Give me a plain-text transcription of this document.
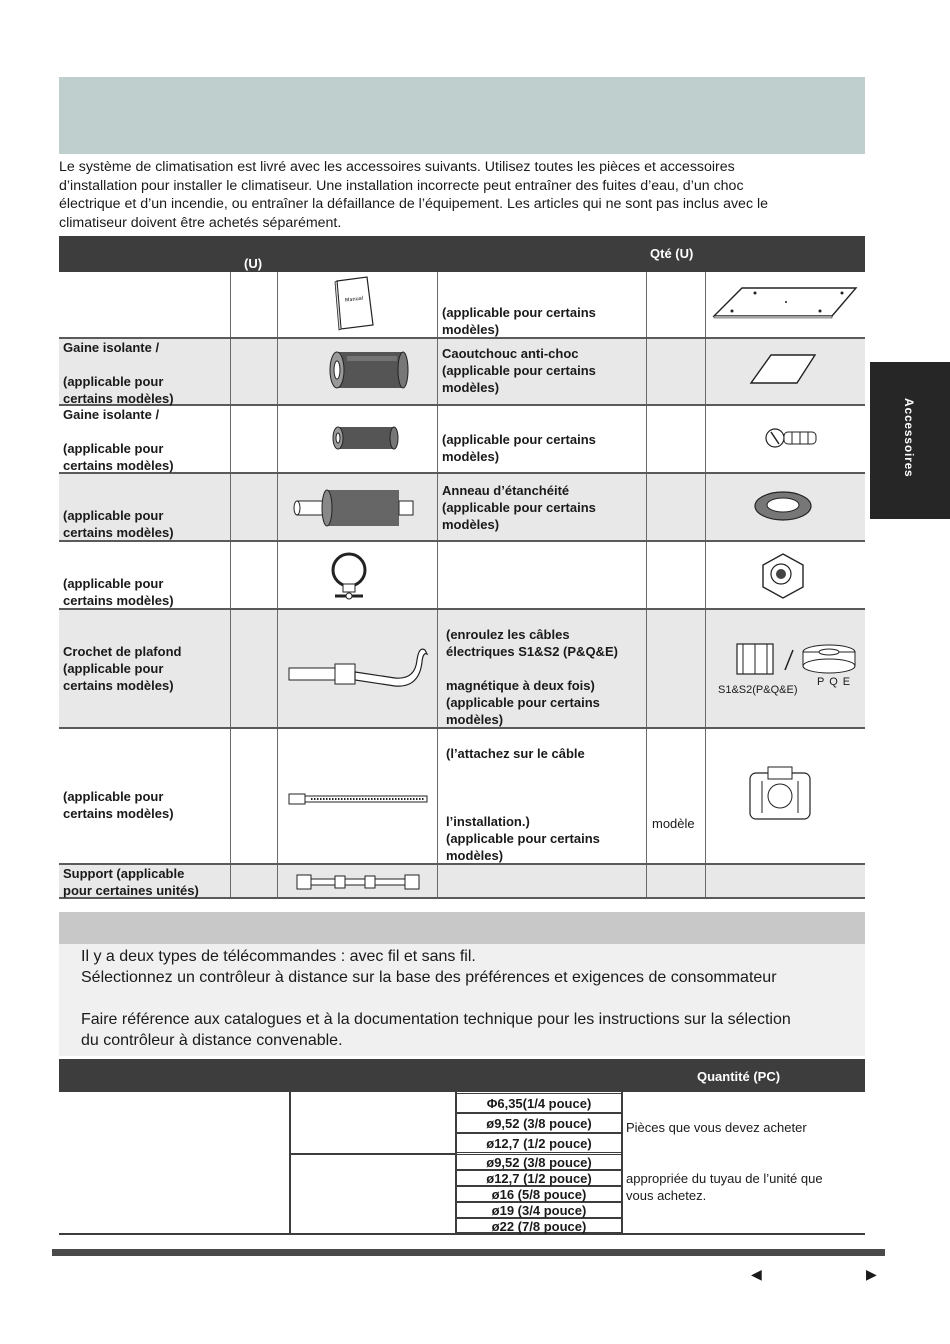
Le système de climatisation est livré avec les accessoires suivants. Utilisez toutes les pièces et accessoires

d’installation pour installer le climatiseur. Une installation incorrecte peut entraîner des fuites d’eau, d’un choc

électrique et d’un incendie, ou entraîner la défaillance de l’équipement. Les articles qui ne sont pas inclus avec le

climatiseur doivent être achetés séparément.

Accessoires
(U)
Qté (U)
Manual

(applicable pour certains

modèles)

Gaine isolante /

(applicable pour

certains modèles)

Caoutchouc anti-choc

(applicable pour certains

modèles)

Gaine isolante /

(applicable pour

certains modèles)

(applicable pour certains

modèles)

(applicable pour

certains modèles)

Anneau d’étanchéité

(applicable pour certains

modèles)

(applicable pour

certains modèles)

Crochet de plafond

(applicable pour

certains modèles)

(enroulez les câbles

électriques S1&S2 (P&Q&E)

magnétique à deux fois)

(applicable pour certains

modèles)

S1&S2(P&Q&E)
P Q E

(applicable pour

certains modèles)

(l’attachez sur le câble

l’installation.)

(applicable pour certains

modèles)

modèle

Support (applicable

pour certaines unités)

Il y a deux types de télécommandes : avec fil et sans fil.

Sélectionnez un contrôleur à distance sur la base des préférences et exigences de consommateur

Faire référence aux catalogues et à la documentation technique pour les instructions sur la sélection

du contrôleur à distance convenable.

Quantité (PC)
Φ6,35(1/4 pouce)
ø9,52 (3/8 pouce)
ø12,7 (1/2 pouce)
ø9,52 (3/8 pouce)
ø12,7 (1/2 pouce)
ø16 (5/8 pouce)
ø19 (3/4 pouce)
ø22 (7/8 pouce)
Pièces que vous devez acheter
appropriée du tuyau de l’unité que
vous achetez.
◀	▶
